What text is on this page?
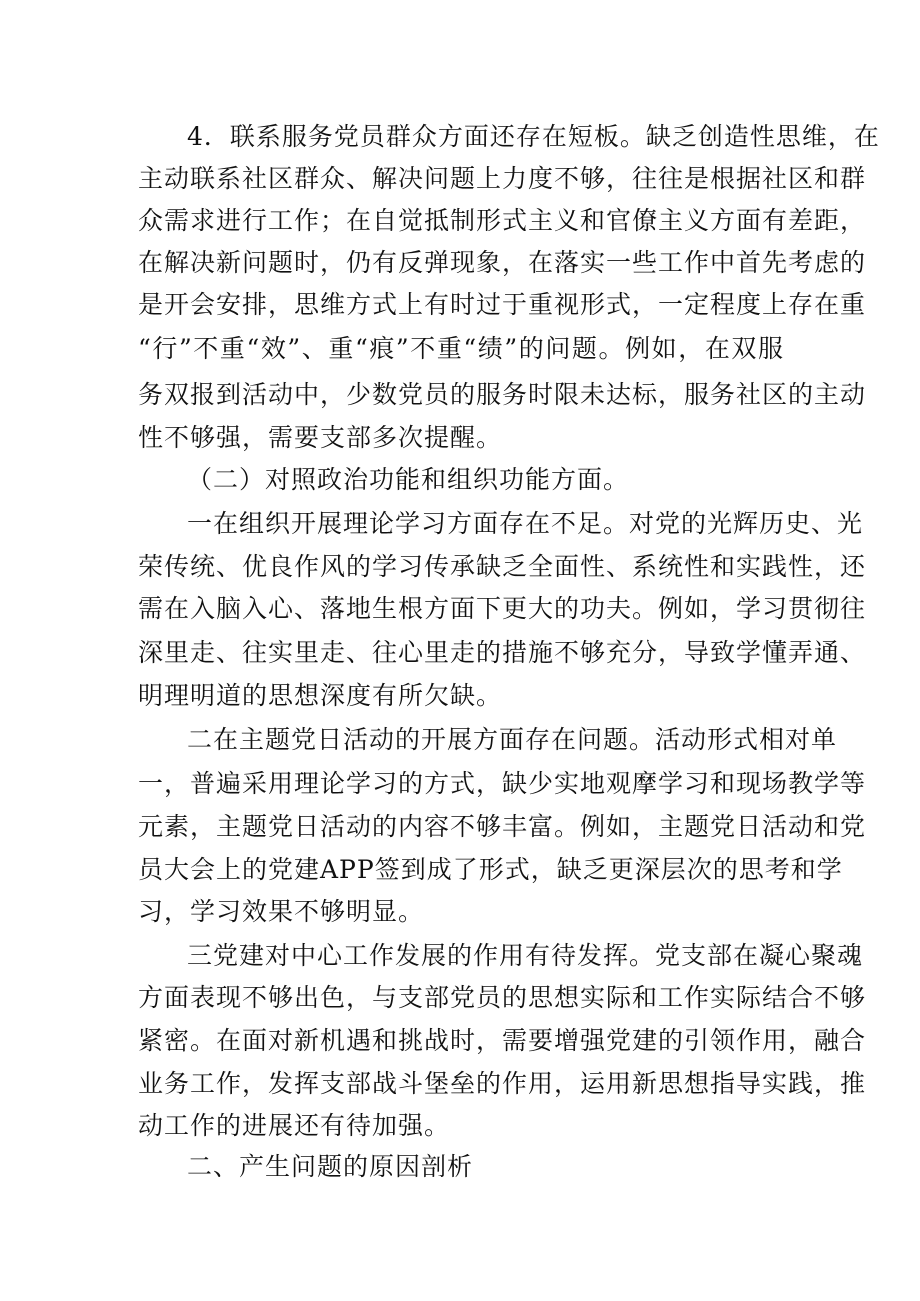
4．联系服务党员群众方面还存在短板。缺乏创造性思维，在
主动联系社区群众、解决问题上力度不够，往往是根据社区和群
众需求进行工作；在自觉抵制形式主义和官僚主义方面有差距，
在解决新问题时，仍有反弹现象，在落实一些工作中首先考虑的
是开会安排，思维方式上有时过于重视形式，一定程度上存在重
“行”不重“效”、重“痕”不重“绩”的问题。例如，在双服
务双报到活动中，少数党员的服务时限未达标，服务社区的主动
性不够强，需要支部多次提醒。
（二）对照政治功能和组织功能方面。
一在组织开展理论学习方面存在不足。对党的光辉历史、光
荣传统、优良作风的学习传承缺乏全面性、系统性和实践性，还
需在入脑入心、落地生根方面下更大的功夫。例如，学习贯彻往
深里走、往实里走、往心里走的措施不够充分，导致学懂弄通、
明理明道的思想深度有所欠缺。
二在主题党日活动的开展方面存在问题。活动形式相对单
一，普遍采用理论学习的方式，缺少实地观摩学习和现场教学等
元素，主题党日活动的内容不够丰富。例如，主题党日活动和党
员大会上的党建APP签到成了形式，缺乏更深层次的思考和学
习，学习效果不够明显。
三党建对中心工作发展的作用有待发挥。党支部在凝心聚魂
方面表现不够出色，与支部党员的思想实际和工作实际结合不够
紧密。在面对新机遇和挑战时，需要增强党建的引领作用，融合
业务工作，发挥支部战斗堡垒的作用，运用新思想指导实践，推
动工作的进展还有待加强。
二、产生问题的原因剖析
